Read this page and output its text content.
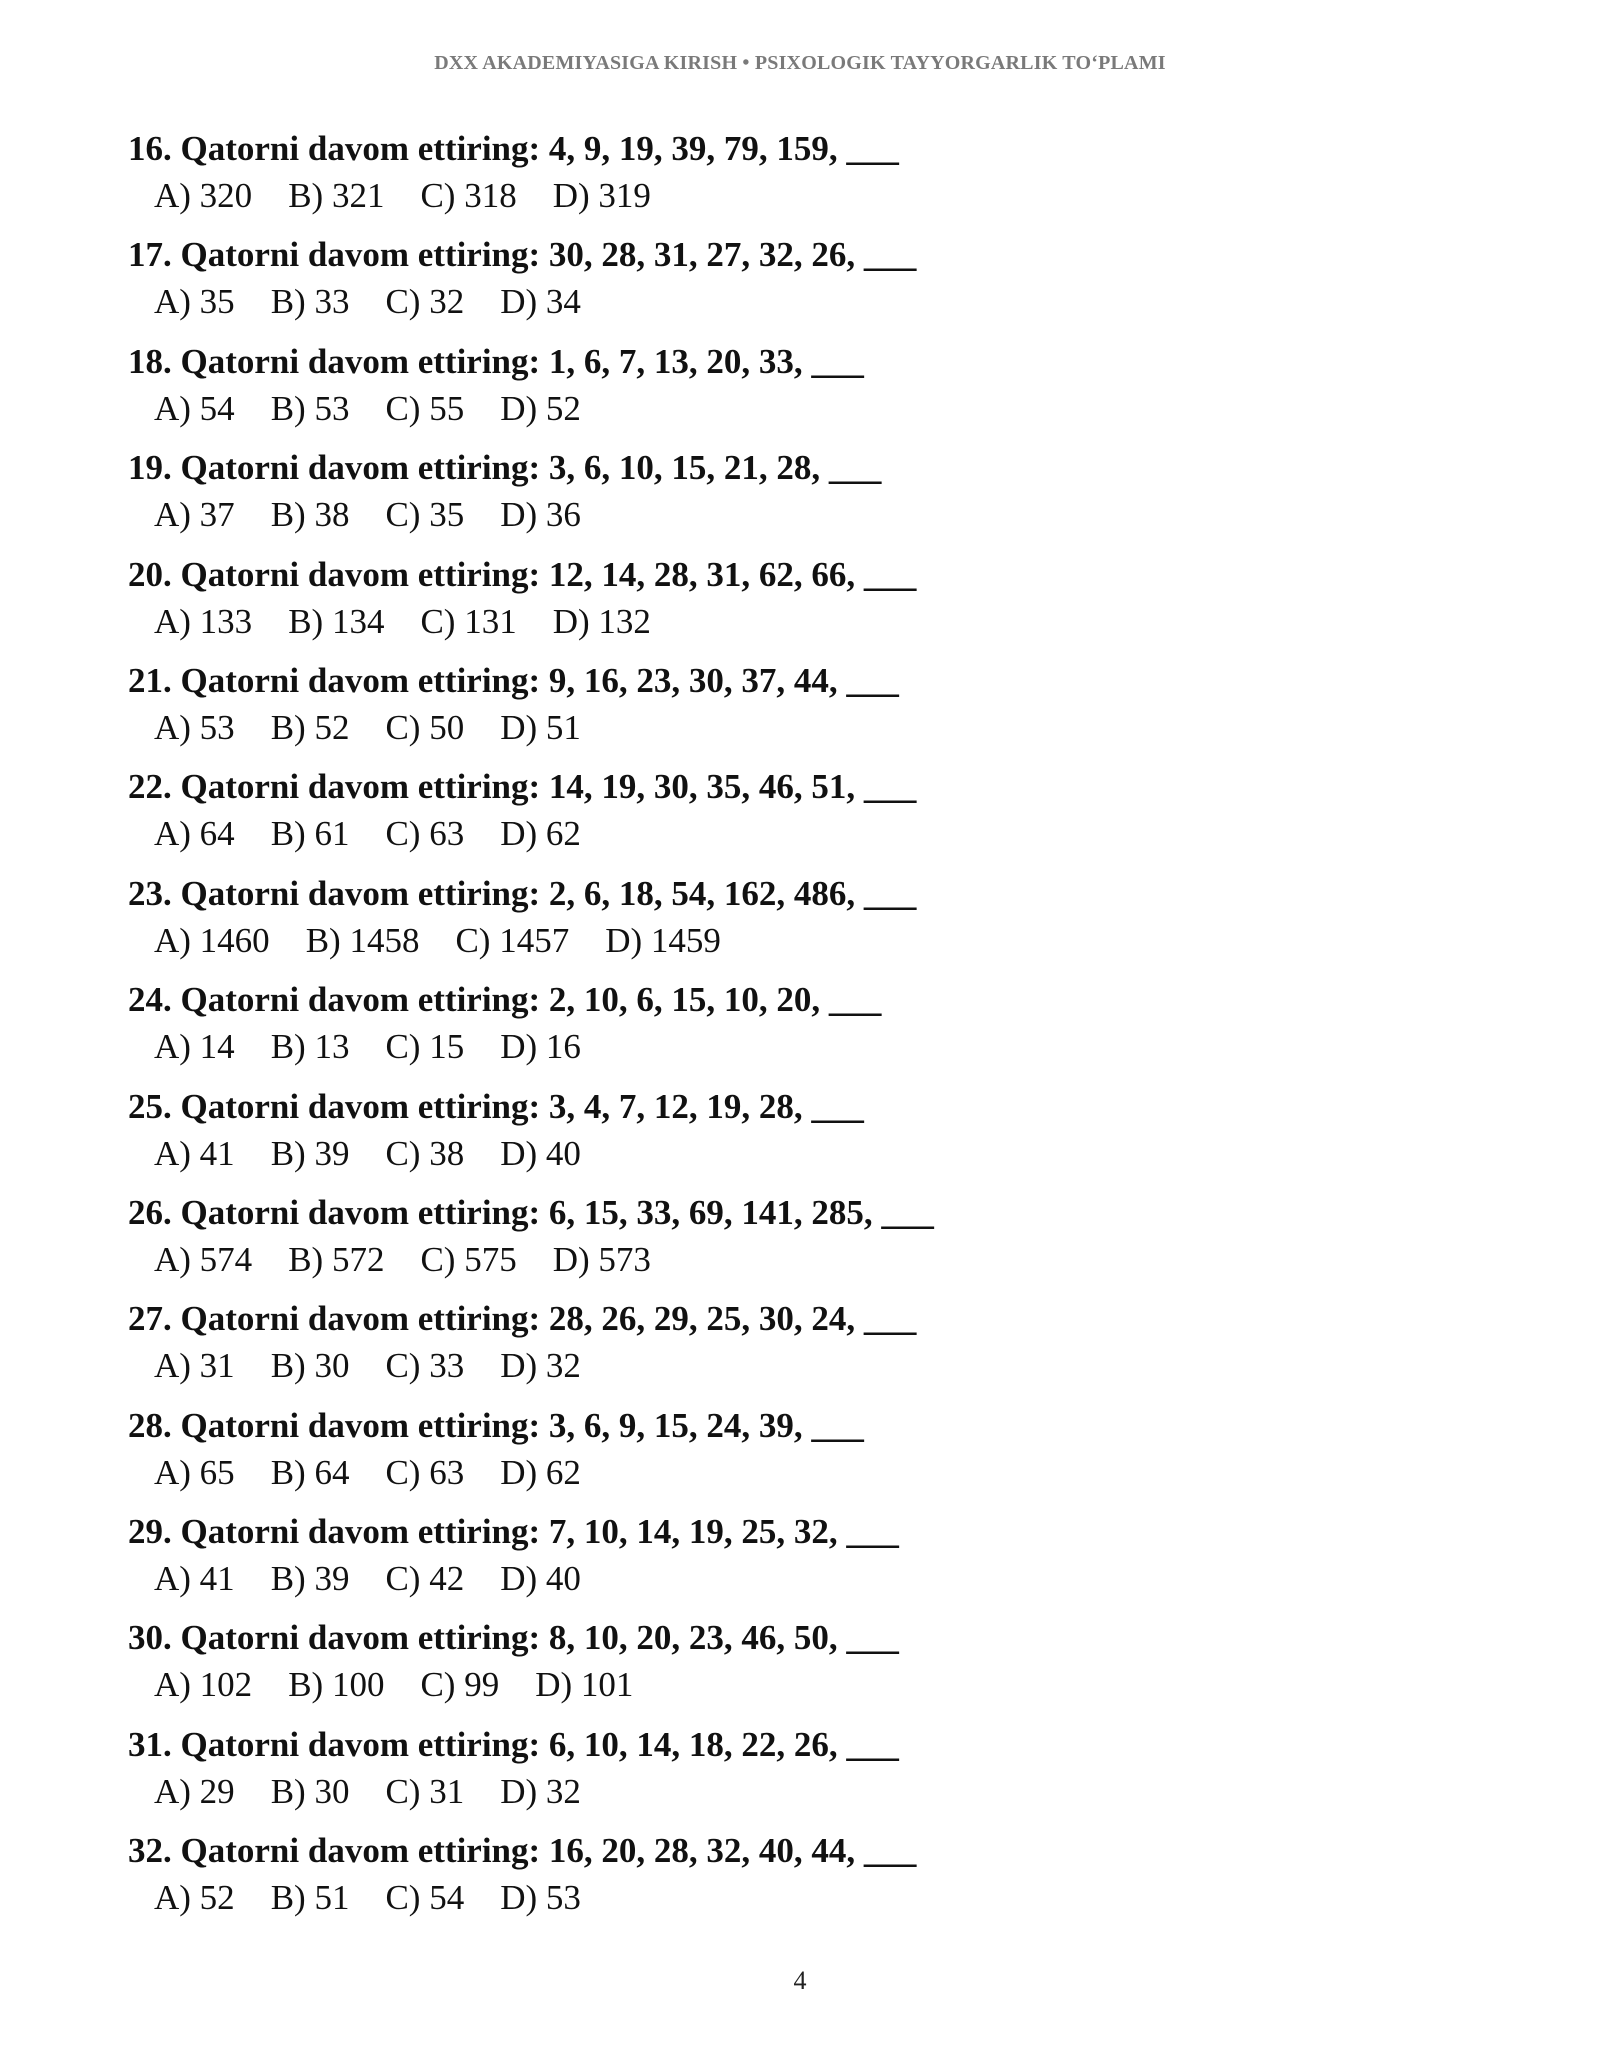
DXX AKADEMIYASIGA KIRISH • PSIXOLOGIK TAYYORGARLIK TO‘PLAMI
16. Qatorni davom ettiring: 4, 9, 19, 39, 79, 159, ___
A) 320 B) 321 C) 318 D) 319
17. Qatorni davom ettiring: 30, 28, 31, 27, 32, 26, ___
A) 35 B) 33 C) 32 D) 34
18. Qatorni davom ettiring: 1, 6, 7, 13, 20, 33, ___
A) 54 B) 53 C) 55 D) 52
19. Qatorni davom ettiring: 3, 6, 10, 15, 21, 28, ___
A) 37 B) 38 C) 35 D) 36
20. Qatorni davom ettiring: 12, 14, 28, 31, 62, 66, ___
A) 133 B) 134 C) 131 D) 132
21. Qatorni davom ettiring: 9, 16, 23, 30, 37, 44, ___
A) 53 B) 52 C) 50 D) 51
22. Qatorni davom ettiring: 14, 19, 30, 35, 46, 51, ___
A) 64 B) 61 C) 63 D) 62
23. Qatorni davom ettiring: 2, 6, 18, 54, 162, 486, ___
A) 1460 B) 1458 C) 1457 D) 1459
24. Qatorni davom ettiring: 2, 10, 6, 15, 10, 20, ___
A) 14 B) 13 C) 15 D) 16
25. Qatorni davom ettiring: 3, 4, 7, 12, 19, 28, ___
A) 41 B) 39 C) 38 D) 40
26. Qatorni davom ettiring: 6, 15, 33, 69, 141, 285, ___
A) 574 B) 572 C) 575 D) 573
27. Qatorni davom ettiring: 28, 26, 29, 25, 30, 24, ___
A) 31 B) 30 C) 33 D) 32
28. Qatorni davom ettiring: 3, 6, 9, 15, 24, 39, ___
A) 65 B) 64 C) 63 D) 62
29. Qatorni davom ettiring: 7, 10, 14, 19, 25, 32, ___
A) 41 B) 39 C) 42 D) 40
30. Qatorni davom ettiring: 8, 10, 20, 23, 46, 50, ___
A) 102 B) 100 C) 99 D) 101
31. Qatorni davom ettiring: 6, 10, 14, 18, 22, 26, ___
A) 29 B) 30 C) 31 D) 32
32. Qatorni davom ettiring: 16, 20, 28, 32, 40, 44, ___
A) 52 B) 51 C) 54 D) 53
4
